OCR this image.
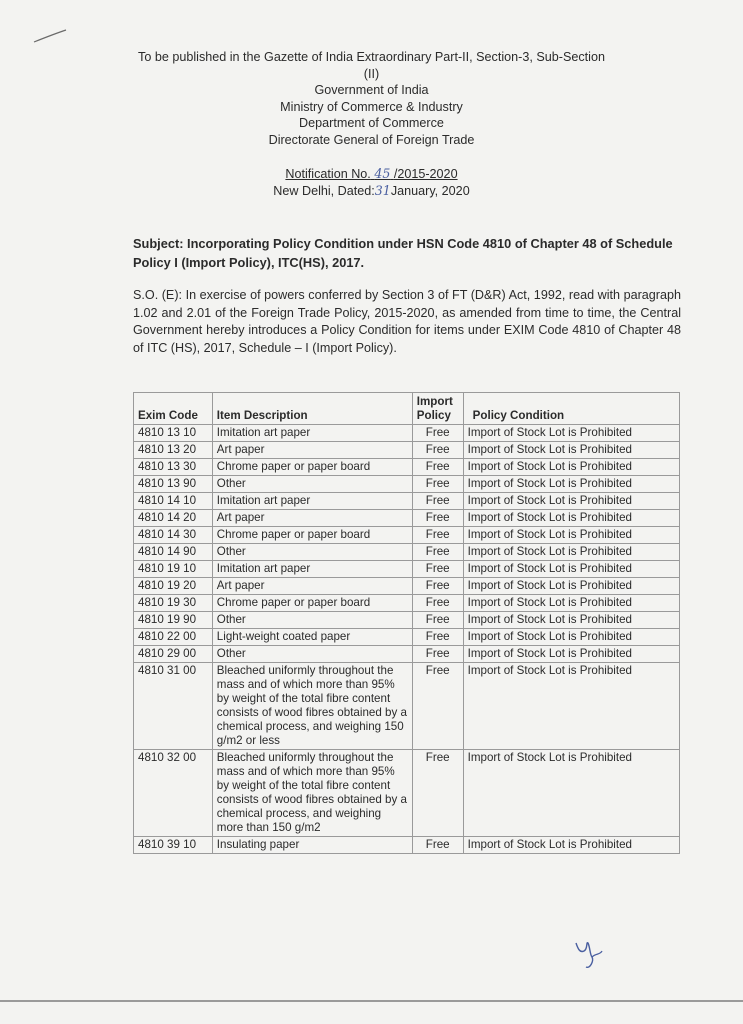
To be published in the Gazette of India Extraordinary Part-II, Section-3, Sub-Section
(II)
Government of India
Ministry of Commerce & Industry
Department of Commerce
Directorate General of Foreign Trade
Notification No. 45 /2015-2020
New Delhi, Dated:31January, 2020
Subject: Incorporating Policy Condition under HSN Code 4810 of Chapter 48 of Schedule Policy I (Import Policy), ITC(HS), 2017.
S.O. (E): In exercise of powers conferred by Section 3 of FT (D&R) Act, 1992, read with paragraph 1.02 and 2.01 of the Foreign Trade Policy, 2015-2020, as amended from time to time, the Central Government hereby introduces a Policy Condition for items under EXIM Code 4810 of Chapter 48 of ITC (HS), 2017, Schedule – I (Import Policy).
Exim Code	Item Description	Import Policy	Policy Condition
4810 13 10	Imitation art paper	Free	Import of Stock Lot is Prohibited
4810 13 20	Art paper	Free	Import of Stock Lot is Prohibited
4810 13 30	Chrome paper or paper board	Free	Import of Stock Lot is Prohibited
4810 13 90	Other	Free	Import of Stock Lot is Prohibited
4810 14 10	Imitation art paper	Free	Import of Stock Lot is Prohibited
4810 14 20	Art paper	Free	Import of Stock Lot is Prohibited
4810 14 30	Chrome paper or paper board	Free	Import of Stock Lot is Prohibited
4810 14 90	Other	Free	Import of Stock Lot is Prohibited
4810 19 10	Imitation art paper	Free	Import of Stock Lot is Prohibited
4810 19 20	Art paper	Free	Import of Stock Lot is Prohibited
4810 19 30	Chrome paper or paper board	Free	Import of Stock Lot is Prohibited
4810 19 90	Other	Free	Import of Stock Lot is Prohibited
4810 22 00	Light-weight coated paper	Free	Import of Stock Lot is Prohibited
4810 29 00	Other	Free	Import of Stock Lot is Prohibited
4810 31 00	Bleached uniformly throughout the mass and of which more than 95% by weight of the total fibre content consists of wood fibres obtained by a chemical process, and weighing 150 g/m2 or less	Free	Import of Stock Lot is Prohibited
4810 32 00	Bleached uniformly throughout the mass and of which more than 95% by weight of the total fibre content consists of wood fibres obtained by a chemical process, and weighing more than 150 g/m2	Free	Import of Stock Lot is Prohibited
4810 39 10	Insulating paper	Free	Import of Stock Lot is Prohibited
